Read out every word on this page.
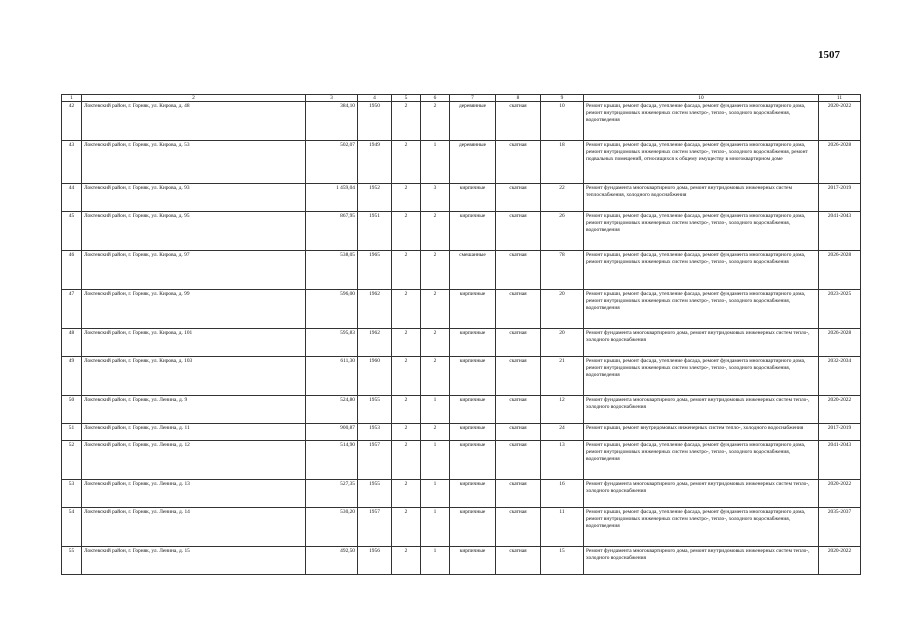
1507
1	2	3	4	5	6	7	8	9	10	11
42	Локтевский район, г. Горняк, ул. Кирова, д. 48	384,10	1950	2	2	деревянные	скатная	10	Ремонт крыши, ремонт фасада, утепление фасада, ремонт фундамента многоквартирного дома, ремонт внутридомовых инженерных систем электро-, тепло-, холодного водоснабжения, водоотведения	2020-2022
43	Локтевский район, г. Горняк, ул. Кирова, д. 53	502,07	1949	2	1	деревянные	скатная	18	Ремонт крыши, ремонт фасада, утепление фасада, ремонт фундамента многоквартирного дома, ремонт внутридомовых инженерных систем электро-, тепло-, холодного водоснабжения, ремонт подвальных помещений, относящихся к общему имуществу в многоквартирном доме	2026-2028
44	Локтевский район, г. Горняк, ул. Кирова, д. 93	1 459,04	1952	2	3	кирпичные	скатная	22	Ремонт фундамента многоквартирного дома, ремонт внутридомовых инженерных систем теплоснабжения, холодного водоснабжения	2017-2019
45	Локтевский район, г. Горняк, ул. Кирова, д. 95	867,95	1951	2	2	кирпичные	скатная	26	Ремонт крыши, ремонт фасада, утепление фасада, ремонт фундамента многоквартирного дома, ремонт внутридомовых инженерных систем электро-, тепло-, холодного водоснабжения, водоотведения	2041-2043
46	Локтевский район, г. Горняк, ул. Кирова, д. 97	538,05	1965	2	2	смешанные	скатная	78	Ремонт крыши, ремонт фасада, утепление фасада, ремонт фундамента многоквартирного дома, ремонт внутридомовых инженерных систем электро-, тепло-, холодного водоснабжения	2026-2028
47	Локтевский район, г. Горняк, ул. Кирова, д. 99	596,00	1962	2	2	кирпичные	скатная	20	Ремонт крыши, ремонт фасада, утепление фасада, ремонт фундамента многоквартирного дома, ремонт внутридомовых инженерных систем электро-, тепло-, холодного водоснабжения, водоотведения	2023-2025
48	Локтевский район, г. Горняк, ул. Кирова, д. 101	595,83	1962	2	2	кирпичные	скатная	20	Ремонт фундамента многоквартирного дома, ремонт внутридомовых инженерных систем тепло-, холодного водоснабжения	2026-2028
49	Локтевский район, г. Горняк, ул. Кирова, д. 103	611,30	1960	2	2	кирпичные	скатная	21	Ремонт крыши, ремонт фасада, утепление фасада, ремонт фундамента многоквартирного дома, ремонт внутридомовых инженерных систем электро-, тепло-, холодного водоснабжения, водоотведения	2032-2034
50	Локтевский район, г. Горняк, ул. Ленина, д. 9	524,80	1955	2	1	кирпичные	скатная	12	Ремонт фундамента многоквартирного дома, ремонт внутридомовых инженерных систем тепло-, холодного водоснабжения	2020-2022
51	Локтевский район, г. Горняк, ул. Ленина, д. 11	900,87	1953	2	2	кирпичные	скатная	24	Ремонт крыши, ремонт внутридомовых инженерных систем тепло-, холодного водоснабжения	2017-2019
52	Локтевский район, г. Горняк, ул. Ленина, д. 12	514,90	1957	2	1	кирпичные	скатная	13	Ремонт крыши, ремонт фасада, утепление фасада, ремонт фундамента многоквартирного дома, ремонт внутридомовых инженерных систем электро-, тепло-, холодного водоснабжения, водоотведения	2041-2043
53	Локтевский район, г. Горняк, ул. Ленина, д. 13	527,35	1955	2	1	кирпичные	скатная	16	Ремонт фундамента многоквартирного дома, ремонт внутридомовых инженерных систем тепло-, холодного водоснабжения	2020-2022
54	Локтевский район, г. Горняк, ул. Ленина, д. 14	530,20	1957	2	1	кирпичные	скатная	11	Ремонт крыши, ремонт фасада, утепление фасада, ремонт фундамента многоквартирного дома, ремонт внутридомовых инженерных систем электро-, тепло-, холодного водоснабжения, водоотведения	2035-2037
55	Локтевский район, г. Горняк, ул. Ленина, д. 15	492,50	1956	2	1	кирпичные	скатная	15	Ремонт фундамента многоквартирного дома, ремонт внутридомовых инженерных систем тепло-, холодного водоснабжения	2020-2022
